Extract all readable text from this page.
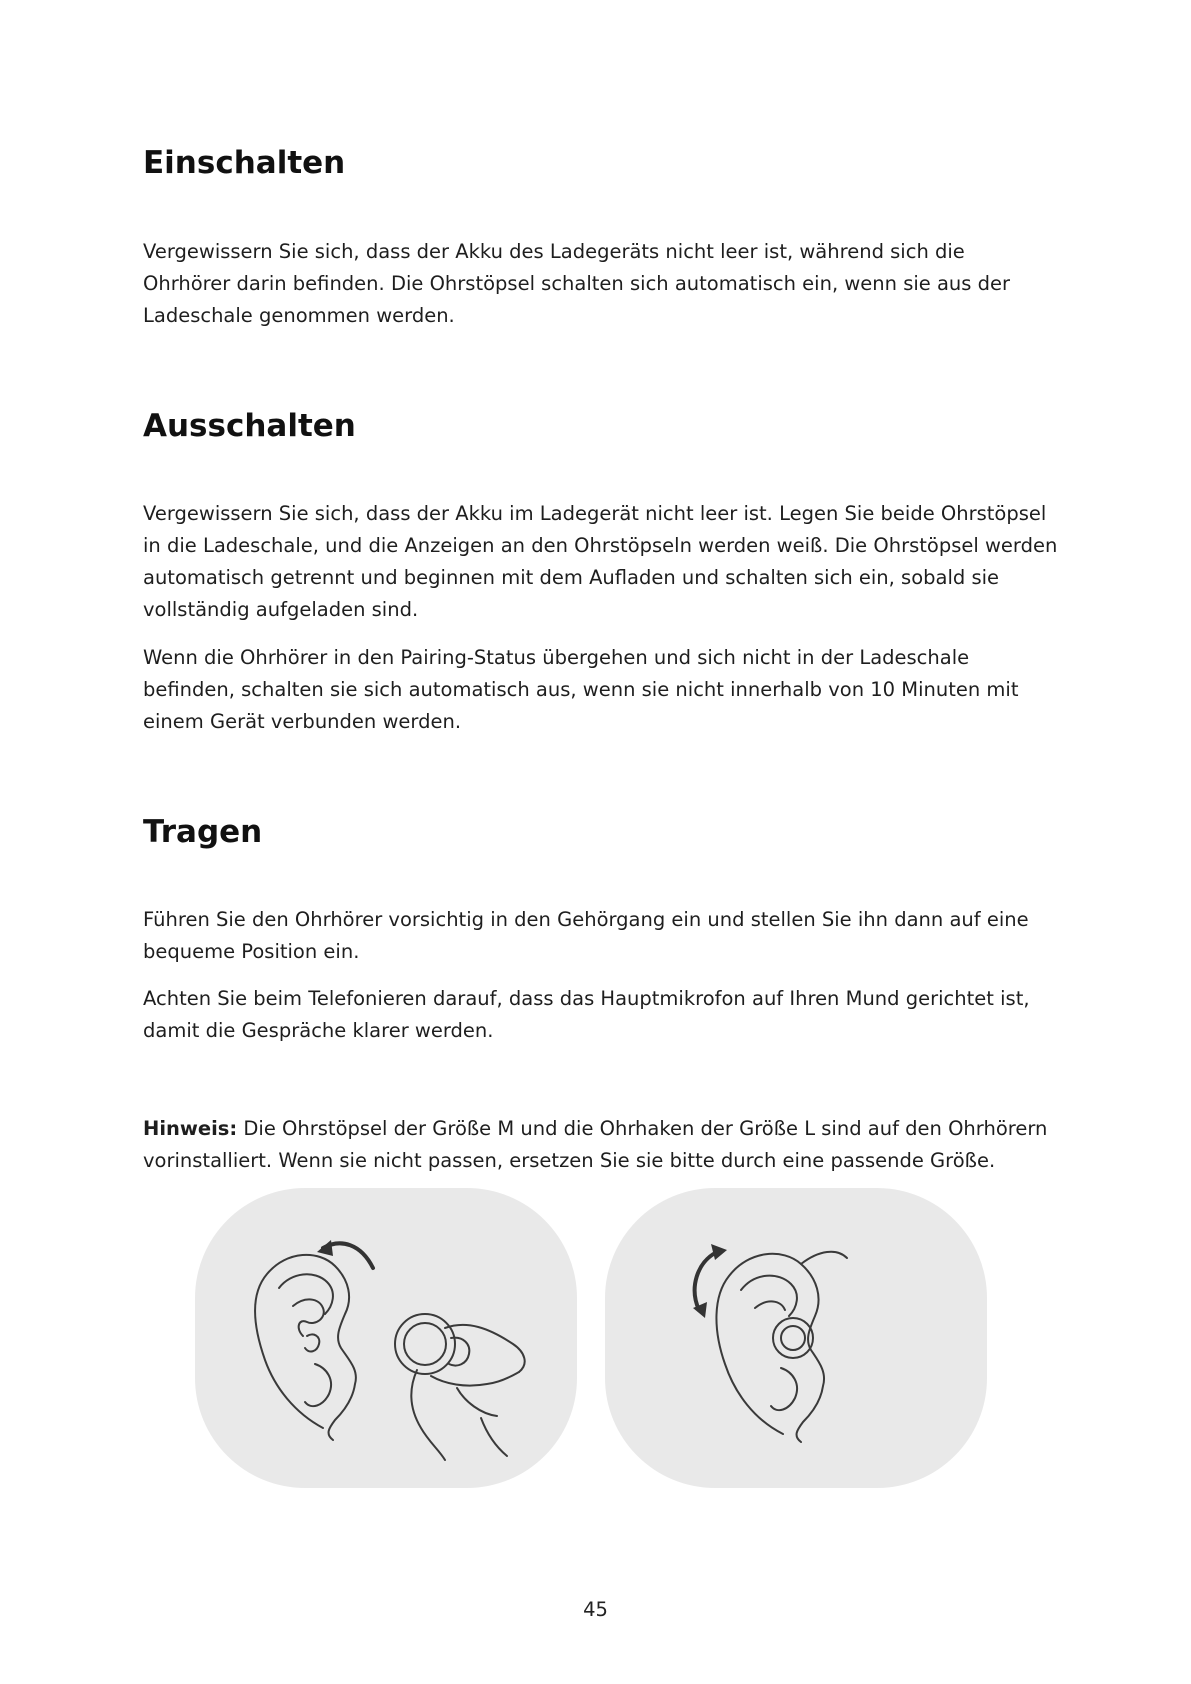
Einschalten

Vergewissern Sie sich, dass der Akku des Ladegeräts nicht leer ist, während sich die Ohrhörer darin befinden. Die Ohrstöpsel schalten sich automatisch ein, wenn sie aus der Ladeschale genommen werden.

Ausschalten

Vergewissern Sie sich, dass der Akku im Ladegerät nicht leer ist. Legen Sie beide Ohrstöpsel in die Ladeschale, und die Anzeigen an den Ohrstöpseln werden weiß. Die Ohrstöpsel werden automatisch getrennt und beginnen mit dem Aufladen und schalten sich ein, sobald sie vollständig aufgeladen sind.

Wenn die Ohrhörer in den Pairing-Status übergehen und sich nicht in der Ladeschale befinden, schalten sie sich automatisch aus, wenn sie nicht innerhalb von 10 Minuten mit einem Gerät verbunden werden.

Tragen

Führen Sie den Ohrhörer vorsichtig in den Gehörgang ein und stellen Sie ihn dann auf eine bequeme Position ein.

Achten Sie beim Telefonieren darauf, dass das Hauptmikrofon auf Ihren Mund gerichtet ist, damit die Gespräche klarer werden.

Hinweis: Die Ohrstöpsel der Größe M und die Ohrhaken der Größe L sind auf den Ohrhörern vorinstalliert. Wenn sie nicht passen, ersetzen Sie sie bitte durch eine passende Größe.

45
